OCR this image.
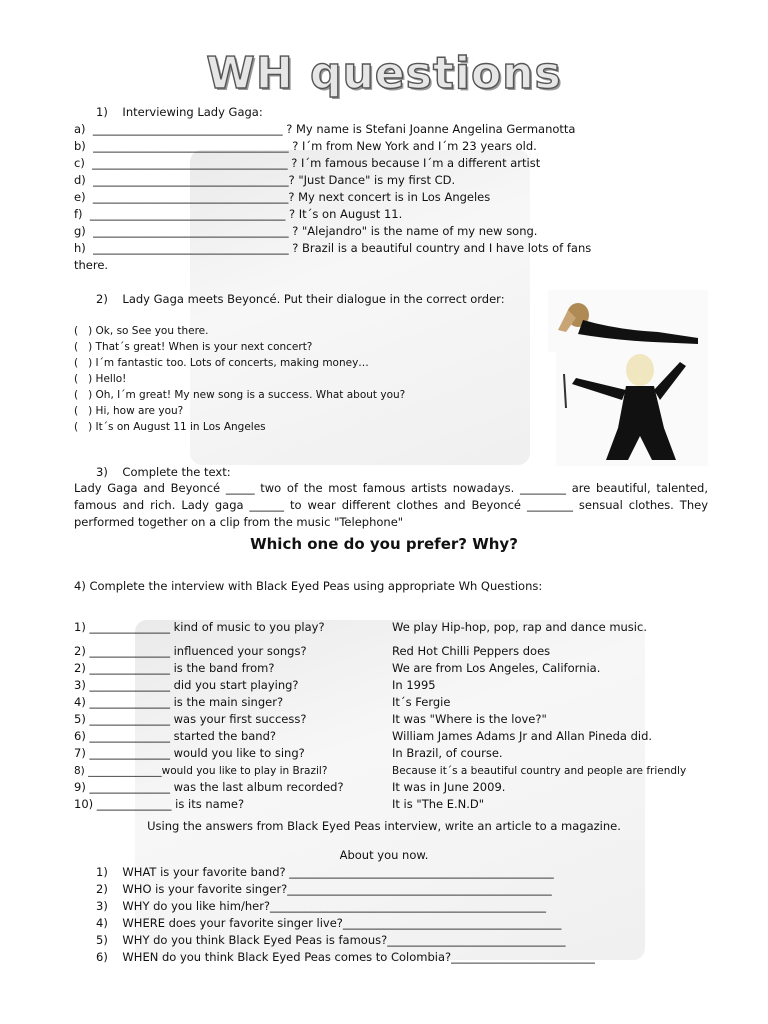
WH questions
1)    Interviewing Lady Gaga:
a)  _________________________________ ? My name is Stefani Joanne Angelina Germanotta
b)  __________________________________ ? I´m from New York and I´m 23 years old.
c)  __________________________________ ? I´m famous because I´m a different artist
d)  __________________________________? "Just Dance" is my first CD.
e)  __________________________________? My next concert is in Los Angeles
f)  __________________________________ ? It´s on August 11.
g)  __________________________________ ? "Alejandro" is the name of my new song.
h)  __________________________________ ? Brazil is a beautiful country and I have lots of fans
there.
2)    Lady Gaga meets Beyoncé. Put their dialogue in the correct order:
(   ) Ok, so See you there.
(   ) That´s great! When is your next concert?
(   ) I´m fantastic too. Lots of concerts, making money…
(   ) Hello!
(   ) Oh, I´m great! My new song is a success. What about you?
(   ) Hi, how are you?
(   ) It´s on August 11 in Los Angeles
3)    Complete the text:
Lady Gaga and Beyoncé _____ two of the most famous artists nowadays. ________ are beautiful, talented, famous and rich. Lady gaga ______ to wear different clothes and Beyoncé ________ sensual clothes. They performed together on a clip from the music "Telephone"
Which one do you prefer? Why?
4) Complete the interview with Black Eyed Peas using appropriate Wh Questions:
1) ______________ kind of music to you play?	We play Hip-hop, pop, rap and dance music.
2) ______________ influenced your songs?	Red Hot Chilli Peppers does
2) ______________ is the band from?	We are from Los Angeles, California.
3) ______________ did you start playing?	In 1995
4) ______________ is the main singer?	It´s Fergie
5) ______________ was your first success?	It was "Where is the love?"
6) ______________ started the band?	William James Adams Jr and Allan Pineda did.
7) ______________ would you like to sing?	In Brazil, of course.
8) ______________would you like to play in Brazil?	Because it´s a beautiful country and people are friendly
9) ______________ was the last album recorded?	It was in June 2009.
10) _____________ is its name?	It is "The E.N.D"
Using the answers from Black Eyed Peas interview, write an article to a magazine.
About you now.
1)    WHAT is your favorite band? ______________________________________________
2)    WHO is your favorite singer?______________________________________________
3)    WHY do you like him/her?________________________________________________
4)    WHERE does your favorite singer live?______________________________________
5)    WHY do you think Black Eyed Peas is famous?_______________________________
6)    WHEN do you think Black Eyed Peas comes to Colombia?_________________________
